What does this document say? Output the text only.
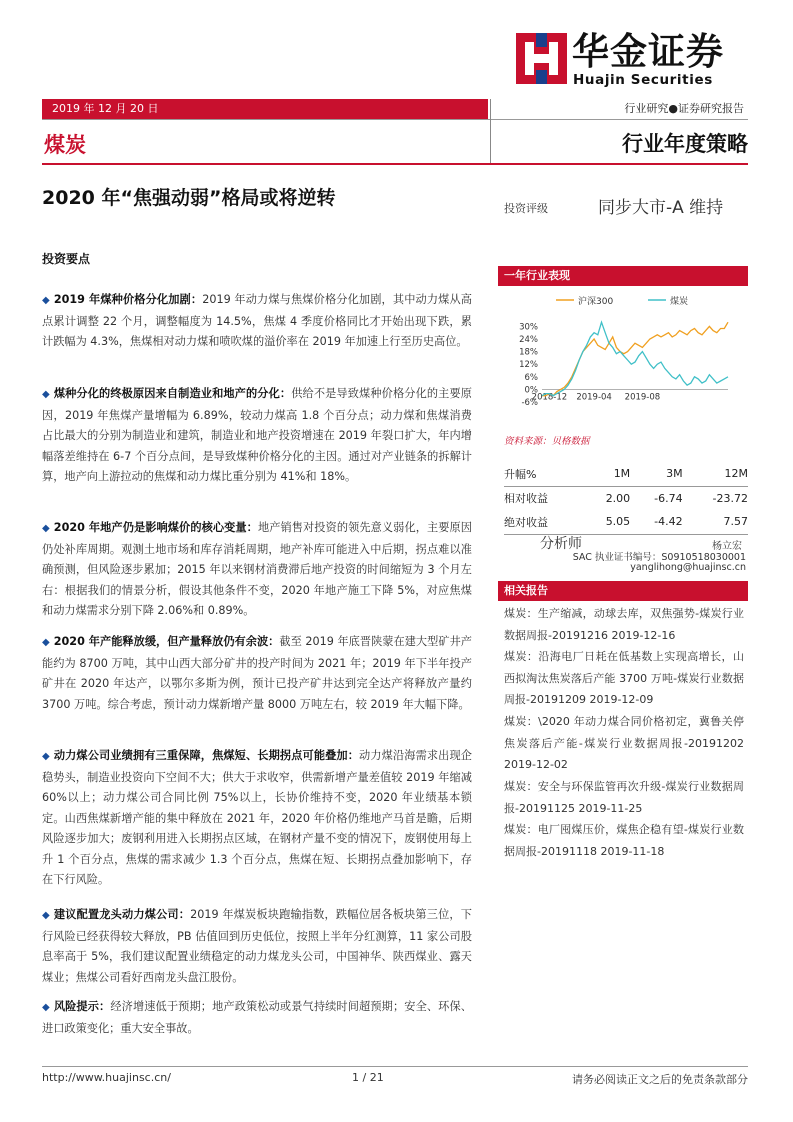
华金证券
Huajin Securities
2019 年 12 月 20 日	行业研究●证券研究报告
煤炭	行业年度策略
2020 年“焦强动弱”格局或将逆转
投资要点
◆ 2019 年煤种价格分化加剧：2019 年动力煤与焦煤价格分化加剧，其中动力煤从高点累计调整 22 个月，调整幅度为 14.5%，焦煤 4 季度价格同比才开始出现下跌，累计跌幅为 4.3%，焦煤相对动力煤和喷吹煤的溢价率在 2019 年加速上行至历史高位。
◆ 煤种分化的终极原因来自制造业和地产的分化：供给不是导致煤种价格分化的主要原因，2019 年焦煤产量增幅为 6.89%，较动力煤高 1.8 个百分点；动力煤和焦煤消费占比最大的分别为制造业和建筑，制造业和地产投资增速在 2019 年裂口扩大，年内增幅落差维持在 6-7 个百分点间，是导致煤种价格分化的主因。通过对产业链条的拆解计算，地产向上游拉动的焦煤和动力煤比重分别为 41%和 18%。
◆ 2020 年地产仍是影响煤价的核心变量：地产销售对投资的领先意义弱化，主要原因仍处补库周期。观测土地市场和库存消耗周期，地产补库可能进入中后期，拐点难以准确预测，但风险逐步累加；2015 年以来钢材消费滞后地产投资的时间缩短为 3 个月左右：根据我们的情景分析，假设其他条件不变，2020 年地产施工下降 5%，对应焦煤和动力煤需求分别下降 2.06%和 0.89%。
◆ 2020 年产能释放缓，但产量释放仍有余波：截至 2019 年底晋陕蒙在建大型矿井产能约为 8700 万吨，其中山西大部分矿井的投产时间为 2021 年；2019 年下半年投产矿井在 2020 年达产，以鄂尔多斯为例，预计已投产矿井达到完全达产将释放产量约 3700 万吨。综合考虑，预计动力煤新增产量 8000 万吨左右，较 2019 年大幅下降。
◆ 动力煤公司业绩拥有三重保障，焦煤短、长期拐点可能叠加：动力煤沿海需求出现企稳势头，制造业投资向下空间不大；供大于求收窄，供需新增产量差值较 2019 年缩减 60%以上；动力煤公司合同比例 75%以上，长协价维持不变，2020 年业绩基本锁定。山西焦煤新增产能的集中释放在 2021 年，2020 年价格仍维地产马首是瞻，后期风险逐步加大；废钢利用进入长期拐点区域，在钢材产量不变的情况下，废钢使用每上升 1 个百分点，焦煤的需求减少 1.3 个百分点，焦煤在短、长期拐点叠加影响下，存在下行风险。
◆ 建议配置龙头动力煤公司：2019 年煤炭板块跑输指数，跌幅位居各板块第三位，下行风险已经获得较大释放，PB 估值回到历史低位，按照上半年分红测算，11 家公司股息率高于 5%，我们建议配置业绩稳定的动力煤龙头公司，中国神华、陕西煤业、露天煤业；焦煤公司看好西南龙头盘江股份。
◆ 风险提示：经济增速低于预期；地产政策松动或景气持续时间超预期；安全、环保、进口政策变化；重大安全事故。
投资评级	同步大市-A 维持
一年行业表现
沪深300	煤炭
-6%
0%
6%
12%
18%
24%
30%
2018-12 2019-04 2019-08
资料来源：贝格数据
升幅%	1M	3M	12M
相对收益	2.00	-6.74	-23.72
绝对收益	5.05	-4.42	7.57
分析师	杨立宏
SAC 执业证书编号：S0910518030001
yanglihong@huajinsc.cn
相关报告
煤炭：生产缩减，动球去库，双焦强势-煤炭行业数据周报-20191216 2019-12-16
煤炭：沿海电厂日耗在低基数上实现高增长，山西拟淘汰焦炭落后产能 3700 万吨-煤炭行业数据周报-20191209 2019-12-09
煤炭：\2020 年动力煤合同价格初定，冀鲁关停焦炭落后产能-煤炭行业数据周报-20191202 2019-12-02
煤炭：安全与环保监管再次升级-煤炭行业数据周报-20191125 2019-11-25
煤炭：电厂囤煤压价，煤焦企稳有望-煤炭行业数据周报-20191118 2019-11-18
http://www.huajinsc.cn/	1 / 21	请务必阅读正文之后的免责条款部分
